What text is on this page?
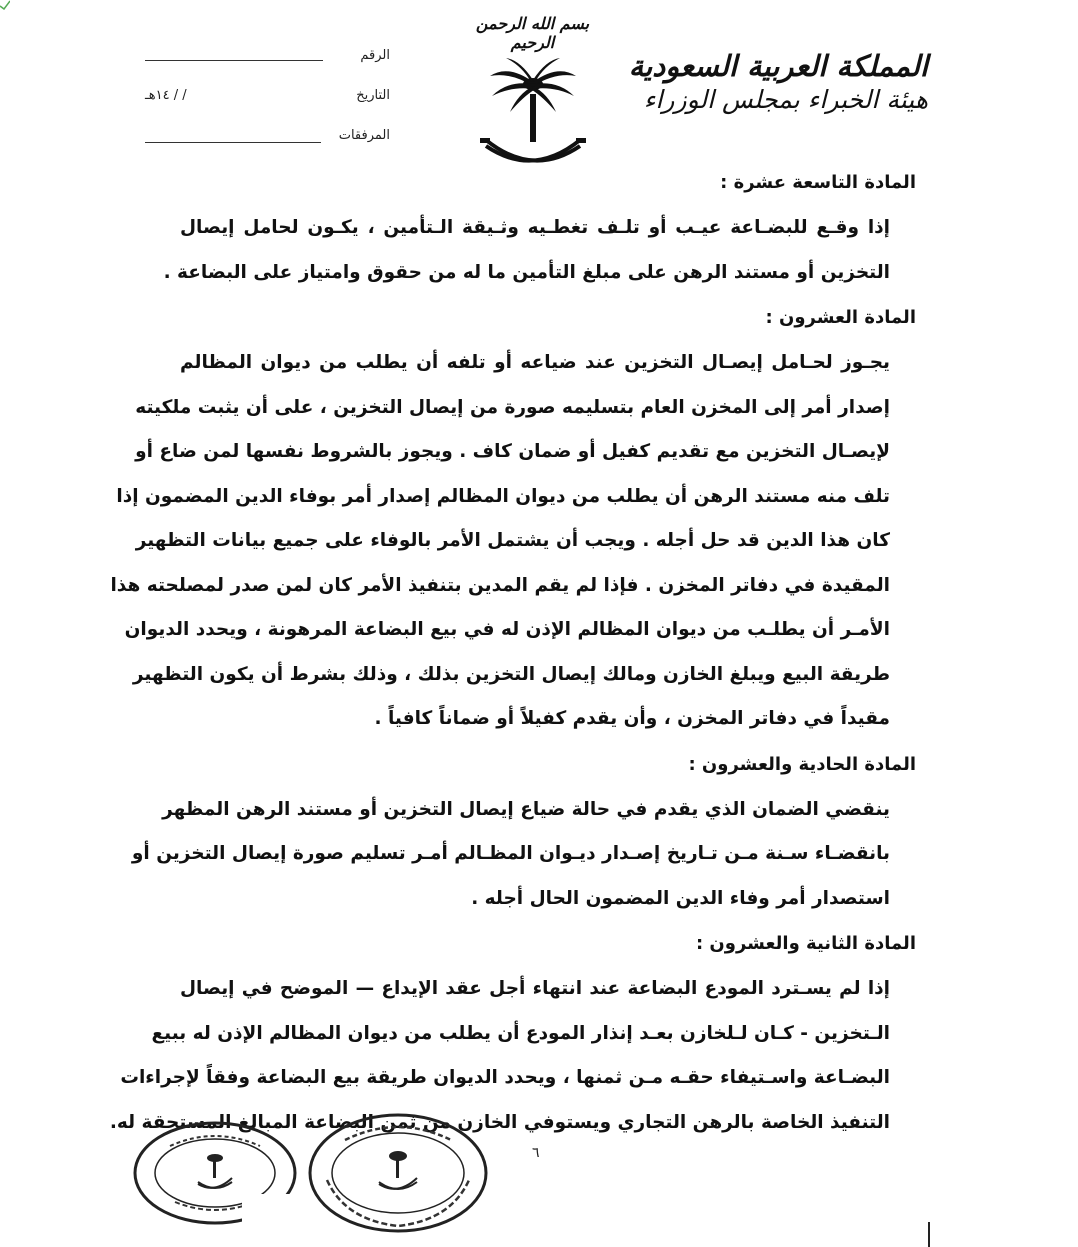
المملكة العربية السعودية
هيئة الخبراء بمجلس الوزراء
بسم الله الرحمن الرحيم
الرقم
التاريخ
/ / ١٤هـ
المرفقات
المادة التاسعة عشرة :
إذا وقـع للبضـاعة عيـب أو تلـف تغطـيه وثـيقة الـتأمين ، يكـون لحامل إيصال
التخزين أو مستند الرهن على مبلغ التأمين ما له من حقوق وامتياز على البضاعة .
المادة العشرون :
يجـوز لحـامل إيصـال التخزين عند ضياعه أو تلفه أن يطلب من ديوان المظالم
إصدار أمر إلى المخزن العام بتسليمه صورة من إيصال التخزين ، على أن يثبت ملكيته
لإيصـال التخزين مع تقديم كفيل أو ضمان كاف . ويجوز بالشروط نفسها لمن ضاع أو
تلف منه مستند الرهن أن يطلب من ديوان المظالم إصدار أمر بوفاء الدين المضمون إذا
كان هذا الدين قد حل أجله . ويجب أن يشتمل الأمر بالوفاء على جميع بيانات التظهير
المقيدة في دفاتر المخزن . فإذا لم يقم المدين بتنفيذ الأمر كان لمن صدر لمصلحته هذا
الأمـر أن يطلـب من ديوان المظالم الإذن له في بيع البضاعة المرهونة ، ويحدد الديوان
طريقة البيع ويبلغ الخازن ومالك إيصال التخزين بذلك ، وذلك بشرط أن يكون التظهير
مقيداً في دفاتر المخزن ، وأن يقدم كفيلاً أو ضماناً كافياً .
المادة الحادية والعشرون :
ينقضي الضمان الذي يقدم في حالة ضياع إيصال التخزين أو مستند الرهن المظهر
بانقضـاء سـنة مـن تـاريخ إصـدار ديـوان المظـالم أمـر تسليم صورة إيصال التخزين أو
استصدار أمر وفاء الدين المضمون الحال أجله .
المادة الثانية والعشرون :
إذا لم يسـترد المودع البضاعة عند انتهاء أجل عقد الإيداع — الموضح في إيصال
الـتخزين - كـان لـلخازن بعـد إنذار المودع أن يطلب من ديوان المظالم الإذن له ببيع
البضـاعة واسـتيفاء حقـه مـن ثمنها ، ويحدد الديوان طريقة بيع البضاعة وفقاً لإجراءات
التنفيذ الخاصة بالرهن التجاري ويستوفي الخازن من ثمن البضاعة المبالغ المستحقة له.
٦
